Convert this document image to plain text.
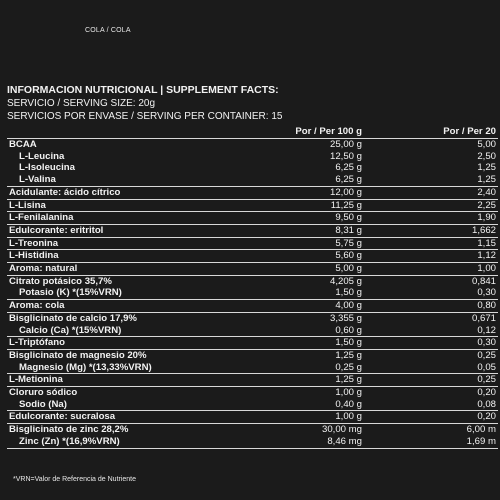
COLA / COLA
INFORMACION NUTRICIONAL | SUPPLEMENT FACTS:
SERVICIO / SERVING SIZE: 20g
SERVICIOS POR ENVASE / SERVING PER CONTAINER: 15
	Por / Per 100 g	Por / Per 20
BCAA	25,00 g	5,00
L-Leucina	12,50 g	2,50
L-Isoleucina	6,25 g	1,25
L-Valina	6,25 g	1,25
Acidulante: ácido cítrico	12,00 g	2,40
L-Lisina	11,25 g	2,25
L-Fenilalanina	9,50 g	1,90
Edulcorante: eritritol	8,31 g	1,662
L-Treonina	5,75 g	1,15
L-Histidina	5,60 g	1,12
Aroma: natural	5,00 g	1,00
Citrato potásico 35,7%	4,205 g	0,841
Potasio (K) *(15%VRN)	1,50 g	0,30
Aroma: cola	4,00 g	0,80
Bisglicinato de calcio 17,9%	3,355 g	0,671
Calcio (Ca) *(15%VRN)	0,60 g	0,12
L-Triptófano	1,50 g	0,30
Bisglicinato de magnesio 20%	1,25 g	0,25
Magnesio (Mg) *(13,33%VRN)	0,25 g	0,05
L-Metionina	1,25 g	0,25
Cloruro sódico	1,00 g	0,20
Sodio (Na)	0,40 g	0,08
Edulcorante: sucralosa	1,00 g	0,20
Bisglicinato de zinc 28,2%	30,00 mg	6,00 m
Zinc (Zn) *(16,9%VRN)	8,46 mg	1,69 m
*VRN=Valor de Referencia de Nutriente
